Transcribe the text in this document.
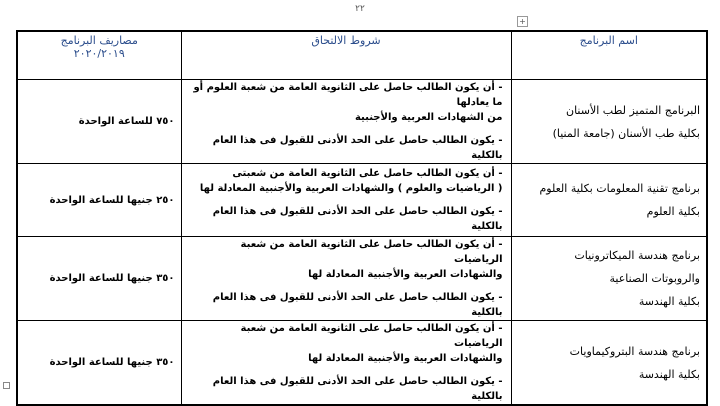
٢٢
+
اسم البرنامج	شروط الالتحاق	مصاريف البرنامج
٢٠٢٠/٢٠١٩

البرنامج المتميز لطب الأسنان
بكلية طب الأسنان (جامعة المنيا)	- أن يكون الطالب حاصل على الثانوية العامة من شعبة العلوم أو ما يعادلها
من الشهادات العربية والأجنبية
- يكون الطالب حاصل على الحد الأدنى للقبول فى هذا العام بالكلية	٧٥٠ للساعة الواحدة

برنامج تقنية المعلومات بكلية العلوم
بكلية العلوم	- أن يكون الطالب حاصل على الثانوية العامة من شعبتى
( الرياضيات والعلوم ) والشهادات العربية والأجنبية المعادلة لها
- يكون الطالب حاصل على الحد الأدنى للقبول فى هذا العام بالكلية	٢٥٠ جنيها للساعة الواحدة

برنامج هندسة الميكاترونيات
والروبوتات الصناعية
بكلية الهندسة	- أن يكون الطالب حاصل على الثانوية العامة من شعبة الرياضيات
والشهادات العربية والأجنبية المعادلة لها
- يكون الطالب حاصل على الحد الأدنى للقبول فى هذا العام بالكلية	٣٥٠ جنيها للساعة الواحدة

برنامج هندسة البتروكيماويات
بكلية الهندسة	- أن يكون الطالب حاصل على الثانوية العامة من شعبة الرياضيات
والشهادات العربية والأجنبية المعادلة لها
- يكون الطالب حاصل على الحد الأدنى للقبول فى هذا العام بالكلية	٣٥٠ جنيها للساعة الواحدة
